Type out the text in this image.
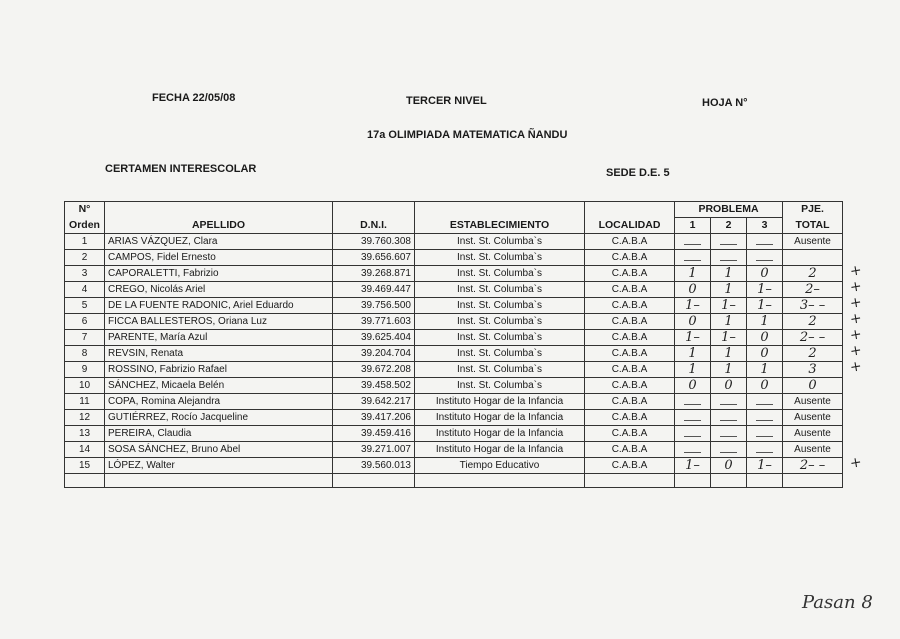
FECHA 22/05/08	TERCER NIVEL	HOJA N°
17a OLIMPIADA MATEMATICA ÑANDU
CERTAMEN INTERESCOLAR	SEDE D.E. 5
N°	APELLIDO	D.N.I.	ESTABLECIMIENTO	LOCALIDAD	PROBLEMA			PJE.
Orden					1	2	3	TOTAL
1	ARIAS VÁZQUEZ, Clara	39.760.308	Inst. St. Columba`s	C.A.B.A				Ausente
2	CAMPOS, Fidel Ernesto	39.656.607	Inst. St. Columba`s	C.A.B.A	

3	CAPORALETTI, Fabrizio	39.268.871	Inst. St. Columba`s	C.A.B.A	1	1	0	2
4	CREGO, Nicolás Ariel	39.469.447	Inst. St. Columba`s	C.A.B.A	0	1	1–	2–
5	DE LA FUENTE RADONIC, Ariel Eduardo	39.756.500	Inst. St. Columba`s	C.A.B.A	1–	1–	1–	3– –
6	FICCA BALLESTEROS, Oriana Luz	39.771.603	Inst. St. Columba`s	C.A.B.A	0	1	1	2
7	PARENTE, María Azul	39.625.404	Inst. St. Columba`s	C.A.B.A	1–	1–	0	2– –
8	REVSIN, Renata	39.204.704	Inst. St. Columba`s	C.A.B.A	1	1	0	2
9	ROSSINO, Fabrizio Rafael	39.672.208	Inst. St. Columba`s	C.A.B.A	1	1	1	3
10	SÁNCHEZ, Micaela Belén	39.458.502	Inst. St. Columba`s	C.A.B.A	0	0	0	0
11	COPA, Romina Alejandra	39.642.217	Instituto Hogar de la Infancia	C.A.B.A				Ausente
12	GUTIÉRREZ, Rocío Jacqueline	39.417.206	Instituto Hogar de la Infancia	C.A.B.A				Ausente
13	PEREIRA, Claudia	39.459.416	Instituto Hogar de la Infancia	C.A.B.A				Ausente
14	SOSA SÁNCHEZ, Bruno Abel	39.271.007	Instituto Hogar de la Infancia	C.A.B.A				Ausente
15	LÓPEZ, Walter	39.560.013	Tiempo Educativo	C.A.B.A	1–	0	1–	2– –

+
+
+
+
+
+
+
+
Pasan 8
